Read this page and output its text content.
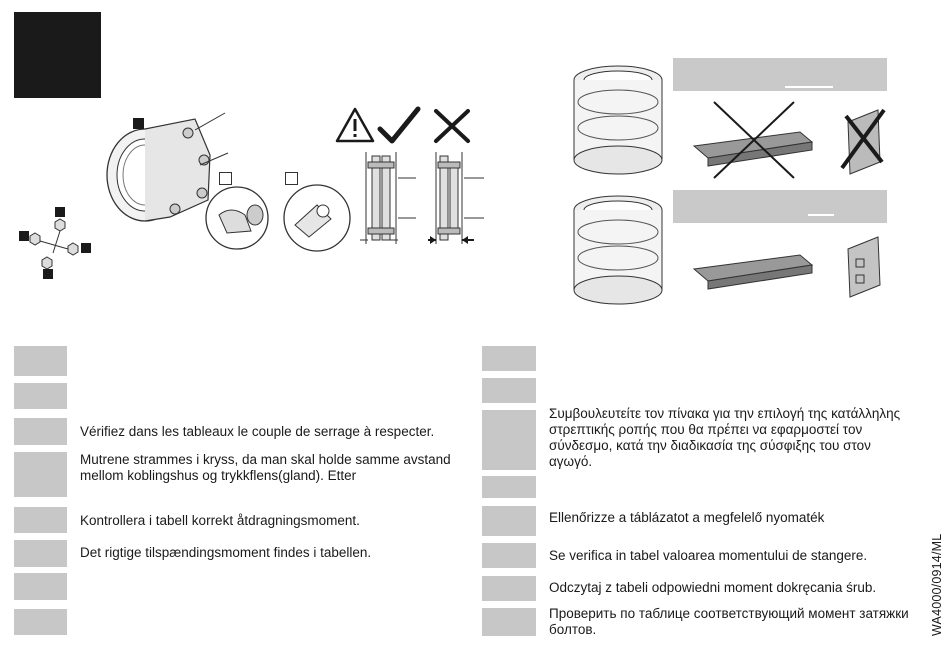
Vérifiez dans les tableaux le couple de serrage à respecter.
Mutrene strammes i kryss, da man skal holde samme avstand mellom koblingshus og trykkflens(gland). Etter
Kontrollera i tabell korrekt åtdragningsmoment.
Det rigtige tilspændingsmoment findes i tabellen.
Συμβουλευτείτε τον πίνακα για την επιλογή της κατάλληλης στρεπτικής ροπής που θα πρέπει να εφαρμοστεί τον σύνδεσμο, κατά την διαδικασία της σύσφιξης του στον αγωγό.
Ellenőrizze a táblázatot a megfelelő nyomaték
Se verifica in tabel valoarea momentului de stangere.
Odczytaj z tabeli odpowiedni moment dokręcania śrub.
Проверить по таблице соответствующий момент затяжки болтов.	WA4000/0914/ML
